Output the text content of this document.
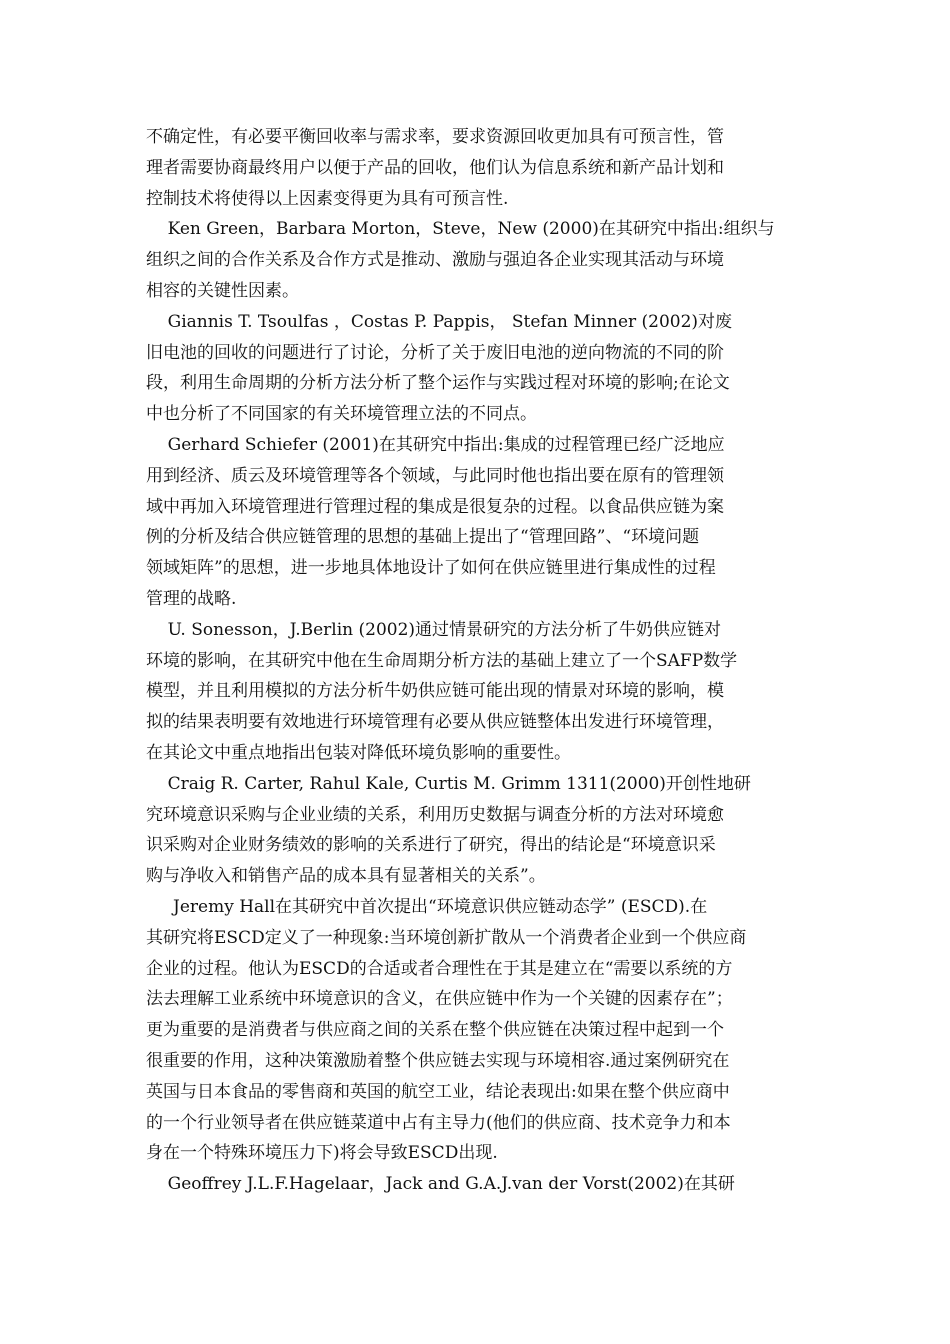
不确定性，有必要平衡回收率与需求率，要求资源回收更加具有可预言性，管
理者需要协商最终用户以便于产品的回收，他们认为信息系统和新产品计划和
控制技术将使得以上因素变得更为具有可预言性.
Ken Green，Barbara Morton，Steve，New (2000)在其研究中指出:组织与
组织之间的合作关系及合作方式是推动、激励与强迫各企业实现其活动与环境
相容的关键性因素。
Giannis T. Tsoulfas ，Costas P. Pappis， Stefan Minner (2002)对废
旧电池的回收的问题进行了讨论，分析了关于废旧电池的逆向物流的不同的阶
段，利用生命周期的分析方法分析了整个运作与实践过程对环境的影响;在论文
中也分析了不同国家的有关环境管理立法的不同点。
Gerhard Schiefer (2001)在其研究中指出:集成的过程管理已经广泛地应
用到经济、质云及环境管理等各个领域，与此同时他也指出要在原有的管理领
域中再加入环境管理进行管理过程的集成是很复杂的过程。以食品供应链为案
例的分析及结合供应链管理的思想的基础上提出了“管理回路”、“环境问题
领域矩阵”的思想，进一步地具体地设计了如何在供应链里进行集成性的过程
管理的战略.
U. Sonesson，J.Berlin (2002)通过情景研究的方法分析了牛奶供应链对
环境的影响，在其研究中他在生命周期分析方法的基础上建立了一个SAFP数学
模型，并且利用模拟的方法分析牛奶供应链可能出现的情景对环境的影响，模
拟的结果表明要有效地进行环境管理有必要从供应链整体出发进行环境管理，
在其论文中重点地指出包装对降低环境负影响的重要性。
Craig R. Carter, Rahul Kale, Curtis M. Grimm 1311(2000)开创性地研
究环境意识采购与企业业绩的关系，利用历史数据与调查分析的方法对环境愈
识采购对企业财务绩效的影响的关系进行了研究，得出的结论是“环境意识采
购与净收入和销售产品的成本具有显著相关的关系”。
Jeremy Hall在其研究中首次提出“环境意识供应链动态学” (ESCD).在
其研究将ESCD定义了一种现象:当环境创新扩散从一个消费者企业到一个供应商
企业的过程。他认为ESCD的合适或者合理性在于其是建立在“需要以系统的方
法去理解工业系统中环境意识的含义，在供应链中作为一个关键的因素存在”；
更为重要的是消费者与供应商之间的关系在整个供应链在决策过程中起到一个
很重要的作用，这种决策激励着整个供应链去实现与环境相容.通过案例研究在
英国与日本食品的零售商和英国的航空工业，结论表现出:如果在整个供应商中
的一个行业领导者在供应链菜道中占有主导力(他们的供应商、技术竞争力和本
身在一个特殊环境压力下)将会导致ESCD出现.
Geoffrey J.L.F.Hagelaar，Jack and G.A.J.van der Vorst(2002)在其研
